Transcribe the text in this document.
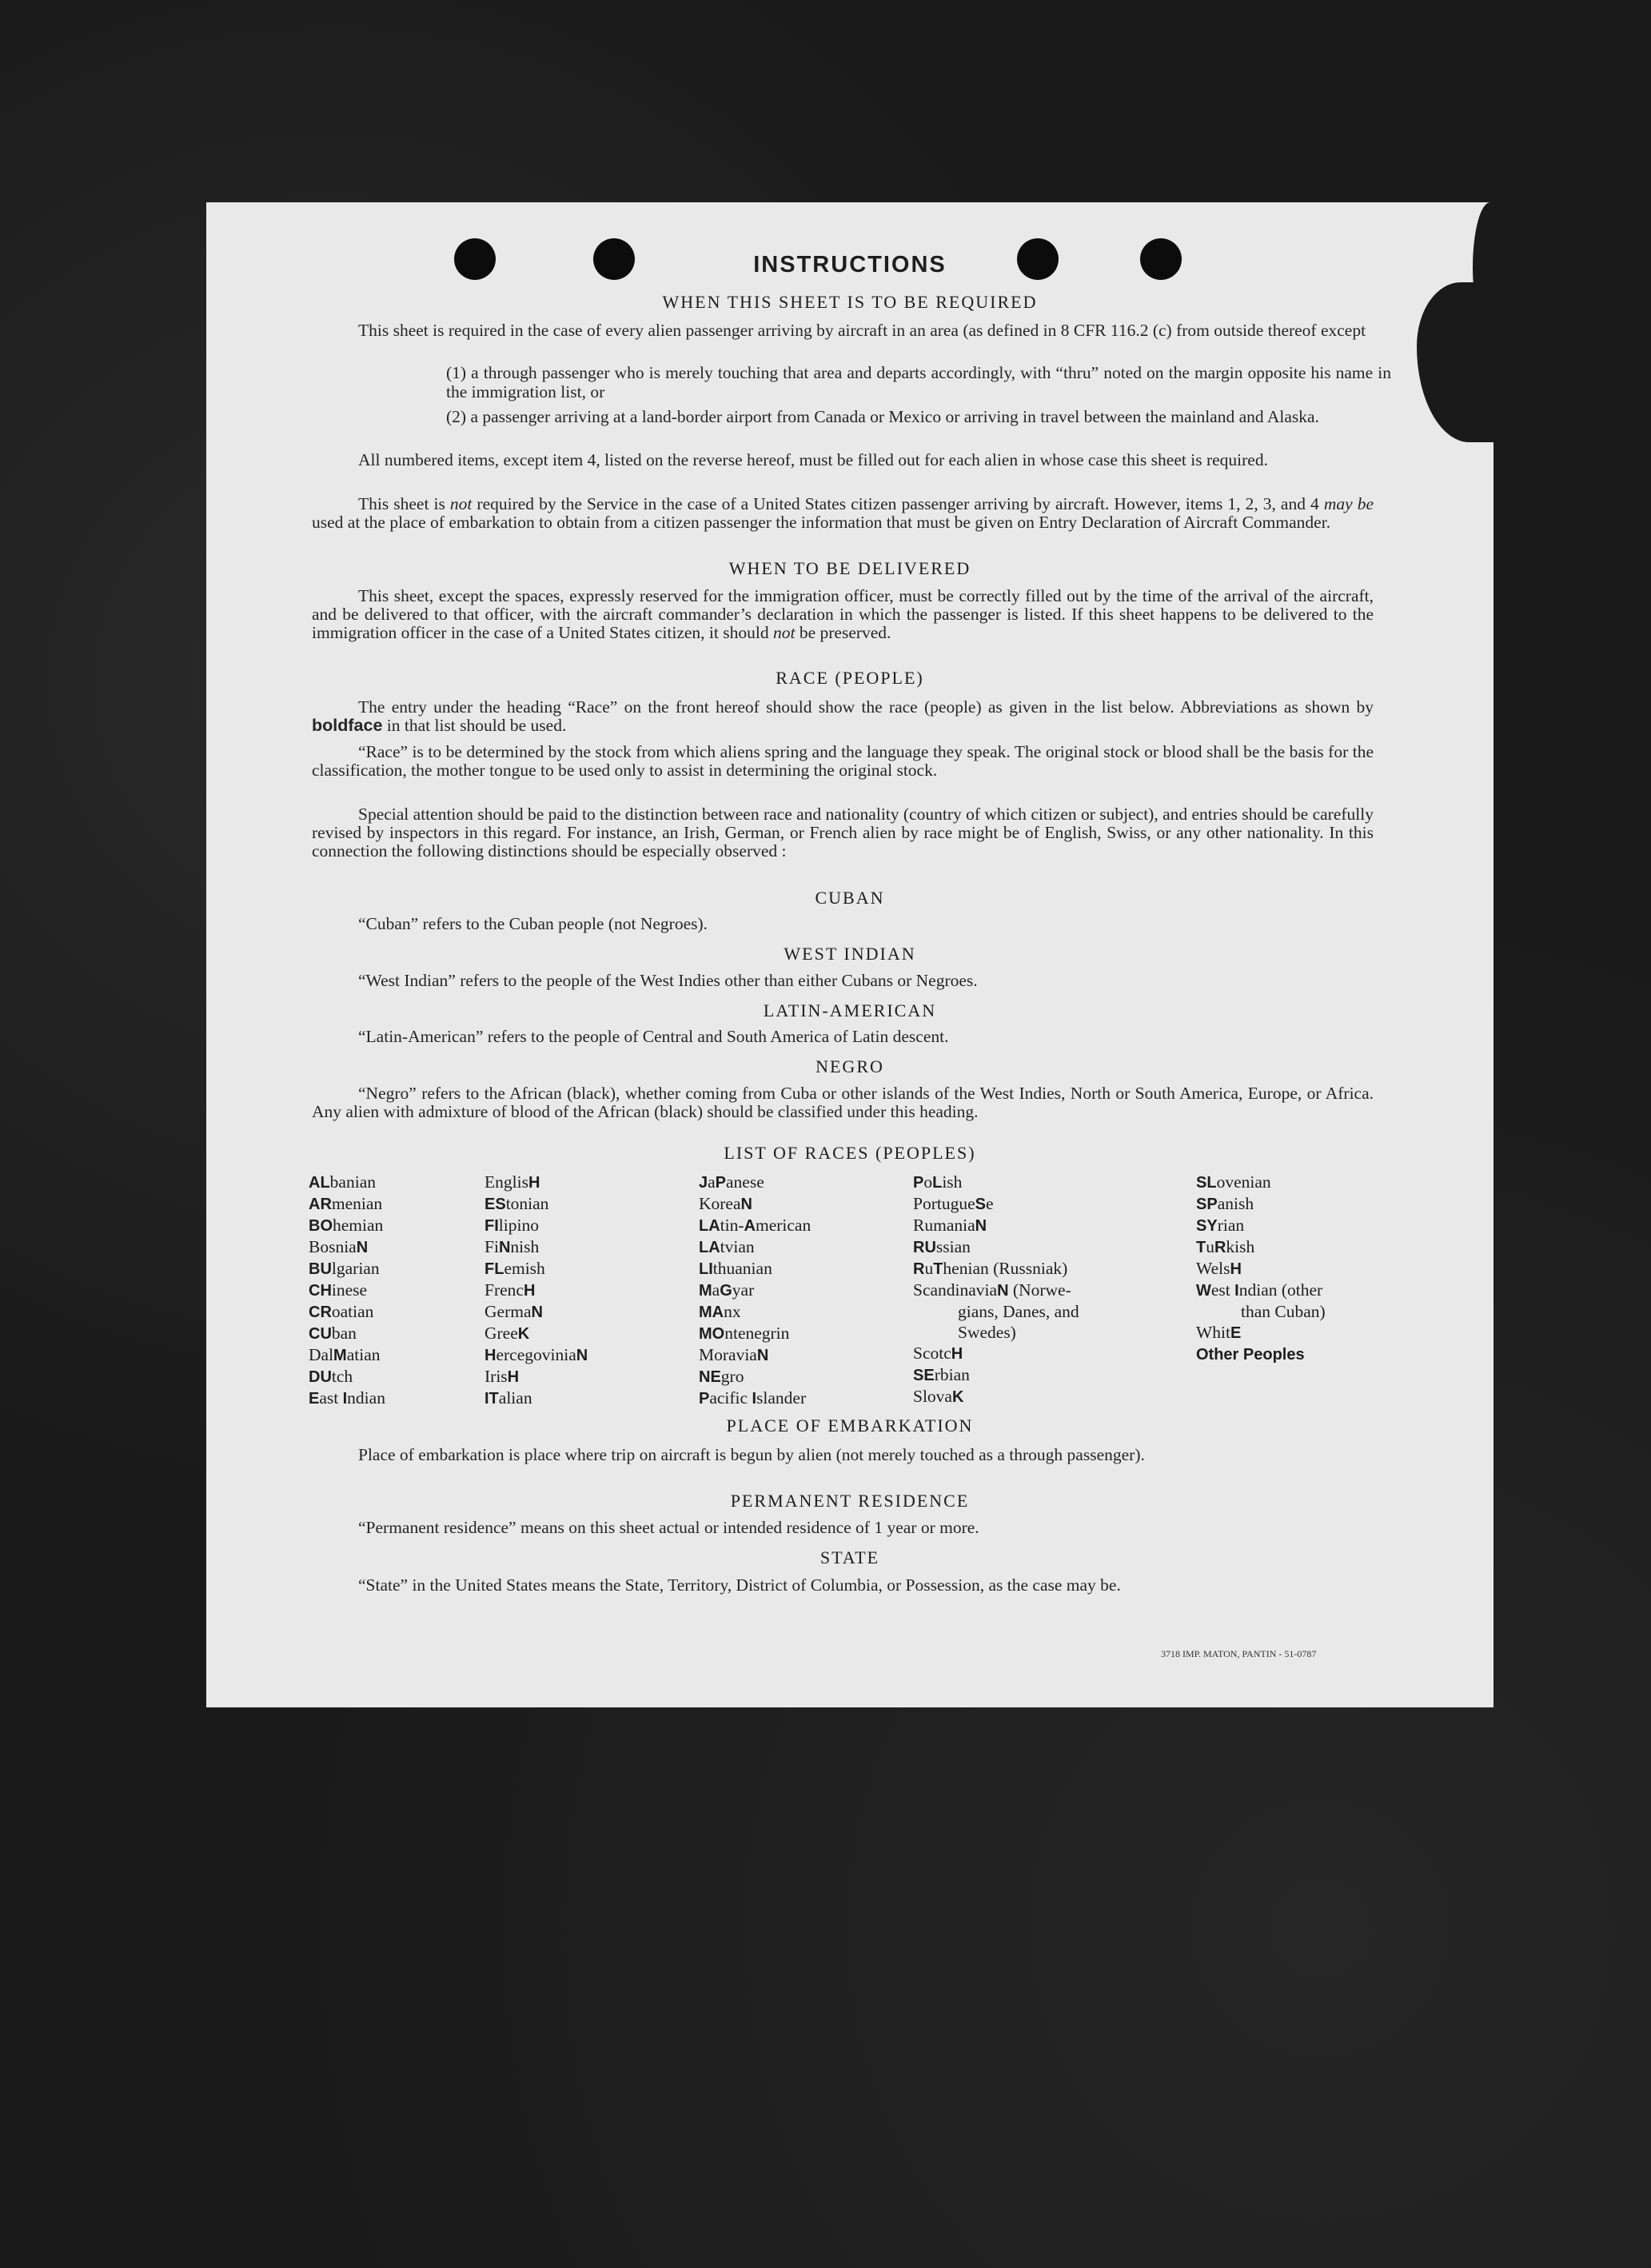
INSTRUCTIONS
WHEN THIS SHEET IS TO BE REQUIRED
This sheet is required in the case of every alien passenger arriving by aircraft in an area (as defined in 8 CFR 116.2 (c) from outside thereof except
(1) a through passenger who is merely touching that area and departs accordingly, with “thru” noted on the margin opposite his name in the immigration list, or
(2) a passenger arriving at a land-border airport from Canada or Mexico or arriving in travel between the mainland and Alaska.
All numbered items, except item 4, listed on the reverse hereof, must be filled out for each alien in whose case this sheet is required.
This sheet is not required by the Service in the case of a United States citizen passenger arriving by aircraft. However, items 1, 2, 3, and 4 may be used at the place of embarkation to obtain from a citizen passenger the information that must be given on Entry Declaration of Aircraft Commander.
WHEN TO BE DELIVERED
This sheet, except the spaces, expressly reserved for the immigration officer, must be correctly filled out by the time of the arrival of the aircraft, and be delivered to that officer, with the aircraft commander’s declaration in which the passenger is listed. If this sheet happens to be delivered to the immigration officer in the case of a United States citizen, it should not be preserved.
RACE (PEOPLE)
The entry under the heading “Race” on the front hereof should show the race (people) as given in the list below. Abbreviations as shown by boldface in that list should be used.
“Race” is to be determined by the stock from which aliens spring and the language they speak. The original stock or blood shall be the basis for the classification, the mother tongue to be used only to assist in determining the original stock.
Special attention should be paid to the distinction between race and nationality (country of which citizen or subject), and entries should be carefully revised by inspectors in this regard. For instance, an Irish, German, or French alien by race might be of English, Swiss, or any other nationality. In this connection the following distinctions should be especially observed :
CUBAN
“Cuban” refers to the Cuban people (not Negroes).
WEST INDIAN
“West Indian” refers to the people of the West Indies other than either Cubans or Negroes.
LATIN-AMERICAN
“Latin-American” refers to the people of Central and South America of Latin descent.
NEGRO
“Negro” refers to the African (black), whether coming from Cuba or other islands of the West Indies, North or South America, Europe, or Africa. Any alien with admixture of blood of the African (black) should be classified under this heading.
LIST OF RACES (PEOPLES)
ALbanian
ARmenian
BOhemian
BosniaN
BUlgarian
CHinese
CRoatian
CUban
DalMatian
DUtch
East Indian
EnglisH
EStonian
FIlipino
FiNnish
FLemish
FrencH
GermaN
GreeK
HercegoviniaN
IrisH
ITalian
JaPanese
KoreaN
LAtin-American
LAtvian
LIthuanian
MaGyar
MAnx
MOntenegrin
MoraviaN
NEgro
Pacific Islander
PoLish
PortugueSe
RumaniaN
RUssian
RuThenian (Russniak)
ScandinaviaN (Norwe-
gians, Danes, and
Swedes)
ScotcH
SErbian
SlovaK
SLovenian
SPanish
SYrian
TuRkish
WelsH
West Indian (other
than Cuban)
WhitE
Other Peoples
PLACE OF EMBARKATION
Place of embarkation is place where trip on aircraft is begun by alien (not merely touched as a through passenger).
PERMANENT RESIDENCE
“Permanent residence” means on this sheet actual or intended residence of 1 year or more.
STATE
“State” in the United States means the State, Territory, District of Columbia, or Possession, as the case may be.
3718 IMP. MATON, PANTIN - 51-0787
